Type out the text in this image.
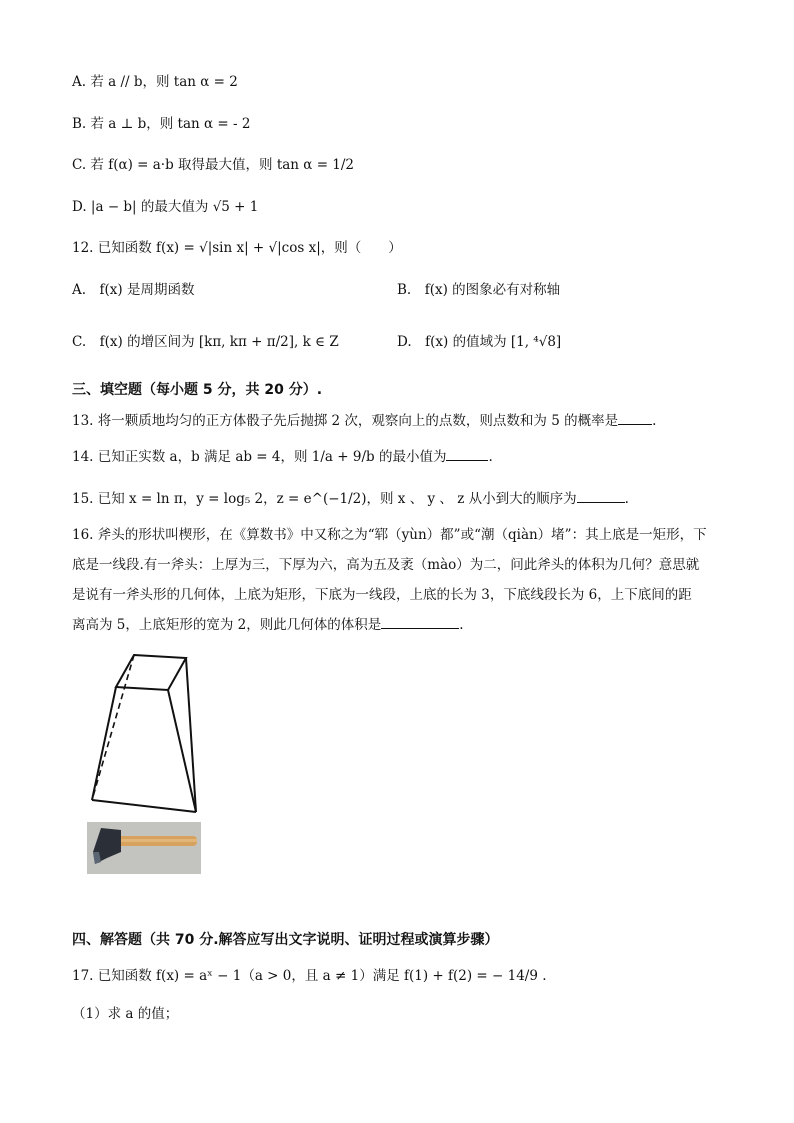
A. 若 a // b，则 tan α = 2
B. 若 a ⊥ b，则 tan α = - 2
C. 若 f(α) = a·b 取得最大值，则 tan α = 1/2
D. |a − b| 的最大值为 √5 + 1
12. 已知函数 f(x) = √|sin x| + √|cos x|，则（　　）
A.　f(x) 是周期函数	B.　f(x) 的图象必有对称轴
C.　f(x) 的增区间为 [kπ, kπ + π/2], k ∈ Z	D.　f(x) 的值域为 [1, ⁴√8]
三、填空题（每小题 5 分，共 20 分）.
13. 将一颗质地均匀的正方体骰子先后抛掷 2 次，观察向上的点数，则点数和为 5 的概率是	.
14. 已知正实数 a，b 满足 ab = 4，则 1/a + 9/b 的最小值为	.
15. 已知 x = ln π，y = log₅ 2，z = e^(−1/2)，则 x 、 y 、 z 从小到大的顺序为	.
16. 斧头的形状叫楔形，在《算数书》中又称之为“郓（yùn）都”或“潮（qiàn）堵”：其上底是一矩形，下
底是一线段.有一斧头：上厚为三，下厚为六，高为五及袤（mào）为二，问此斧头的体积为几何？意思就
是说有一斧头形的几何体，上底为矩形，下底为一线段，上底的长为 3，下底线段长为 6，上下底间的距
离高为 5，上底矩形的宽为 2，则此几何体的体积是	.
四、解答题（共 70 分.解答应写出文字说明、证明过程或演算步骤）
17. 已知函数 f(x) = aˣ − 1（a > 0，且 a ≠ 1）满足 f(1) + f(2) = − 14/9 .
（1）求 a 的值；
